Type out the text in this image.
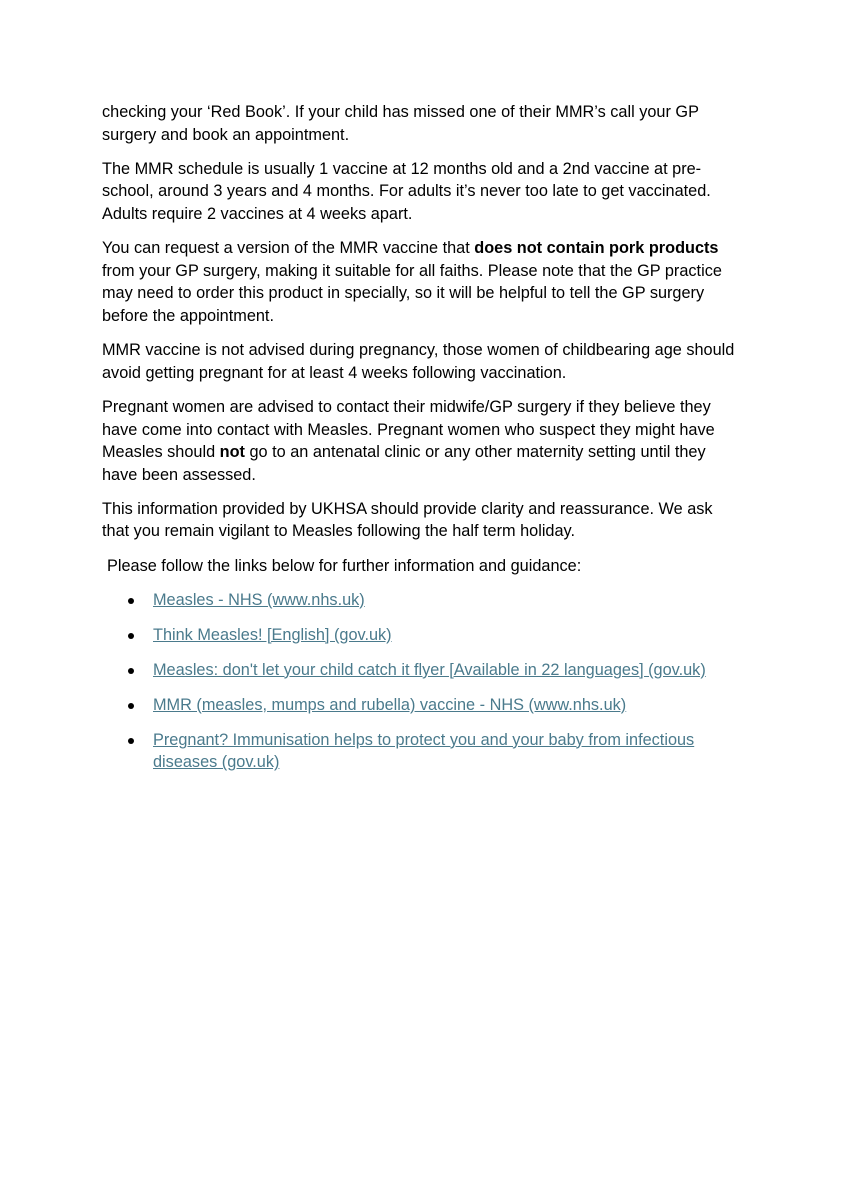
checking your ‘Red Book’. If your child has missed one of their MMR’s call your GP surgery and book an appointment.

The MMR schedule is usually 1 vaccine at 12 months old and a 2nd vaccine at pre-school, around 3 years and 4 months. For adults it’s never too late to get vaccinated. Adults require 2 vaccines at 4 weeks apart.

You can request a version of the MMR vaccine that does not contain pork products from your GP surgery, making it suitable for all faiths. Please note that the GP practice may need to order this product in specially, so it will be helpful to tell the GP surgery before the appointment.

MMR vaccine is not advised during pregnancy, those women of childbearing age should avoid getting pregnant for at least 4 weeks following vaccination.

Pregnant women are advised to contact their midwife/GP surgery if they believe they have come into contact with Measles. Pregnant women who suspect they might have Measles should not go to an antenatal clinic or any other maternity setting until they have been assessed.

This information provided by UKHSA should provide clarity and reassurance. We ask that you remain vigilant to Measles following the half term holiday.

Please follow the links below for further information and guidance:

Measles - NHS (www.nhs.uk)
Think Measles! [English] (gov.uk)
Measles: don't let your child catch it flyer [Available in 22 languages] (gov.uk)
MMR (measles, mumps and rubella) vaccine - NHS (www.nhs.uk)
Pregnant? Immunisation helps to protect you and your baby from infectious diseases (gov.uk)
